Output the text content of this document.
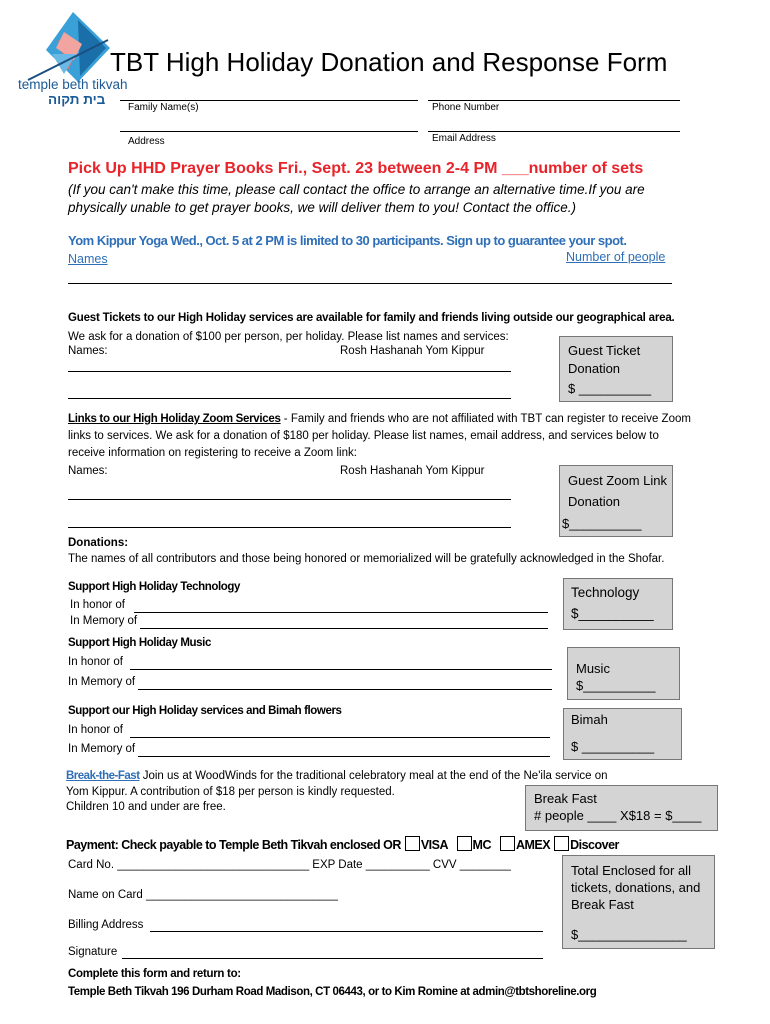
temple beth tikvah
בית תקוה
TBT High Holiday Donation and Response Form
Family Name(s)	Phone Number
Address	Email Address
Pick Up HHD Prayer Books Fri., Sept. 23 between 2-4 PM ___number of sets
(If you can't make this time, please call contact the office to arrange an alternative time.If you are
physically unable to get prayer books, we will deliver them to you! Contact the office.)
Yom Kippur Yoga Wed., Oct. 5 at 2 PM is limited to 30 participants. Sign up to guarantee your spot.
Names	Number of people
Guest Tickets to our High Holiday services are available for family and friends living outside our geographical area.
We ask for a donation of $100 per person, per holiday. Please list names and services:
Names:	Rosh Hashanah Yom Kippur	Guest Ticket
Donation
$ __________
Links to our High Holiday Zoom Services - Family and friends who are not affiliated with TBT can register to receive Zoom
links to services. We ask for a donation of $180 per holiday. Please list names, email address, and services below to
receive information on registering to receive a Zoom link:
Names:	Rosh Hashanah Yom Kippur
Guest Zoom Link
Donation
$__________
Donations:
The names of all contributors and those being honored or memorialized will be gratefully acknowledged in the Shofar.
Support High Holiday Technology
In honor of
In Memory of
Technology
$__________
Support High Holiday Music
In honor of
In Memory of
Music
$__________
Support our High Holiday services and Bimah flowers
In honor of
In Memory of
Bimah
$ __________
Break-the-Fast Join us at WoodWinds for the traditional celebratory meal at the end of the Ne'ila service on
Yom Kippur. A contribution of $18 per person is kindly requested.
Children 10 and under are free.
Break Fast
# people ____ X$18 = $____
Payment: Check payable to Temple Beth Tikvah enclosed OR VISA MC AMEX Discover
Card No. ______________________________ EXP Date __________ CVV ________
Name on Card ______________________________
Billing Address
Signature
Total Enclosed for all
tickets, donations, and
Break Fast
$_______________
Complete this form and return to:
Temple Beth Tikvah 196 Durham Road Madison, CT 06443, or to Kim Romine at admin@tbtshoreline.org
